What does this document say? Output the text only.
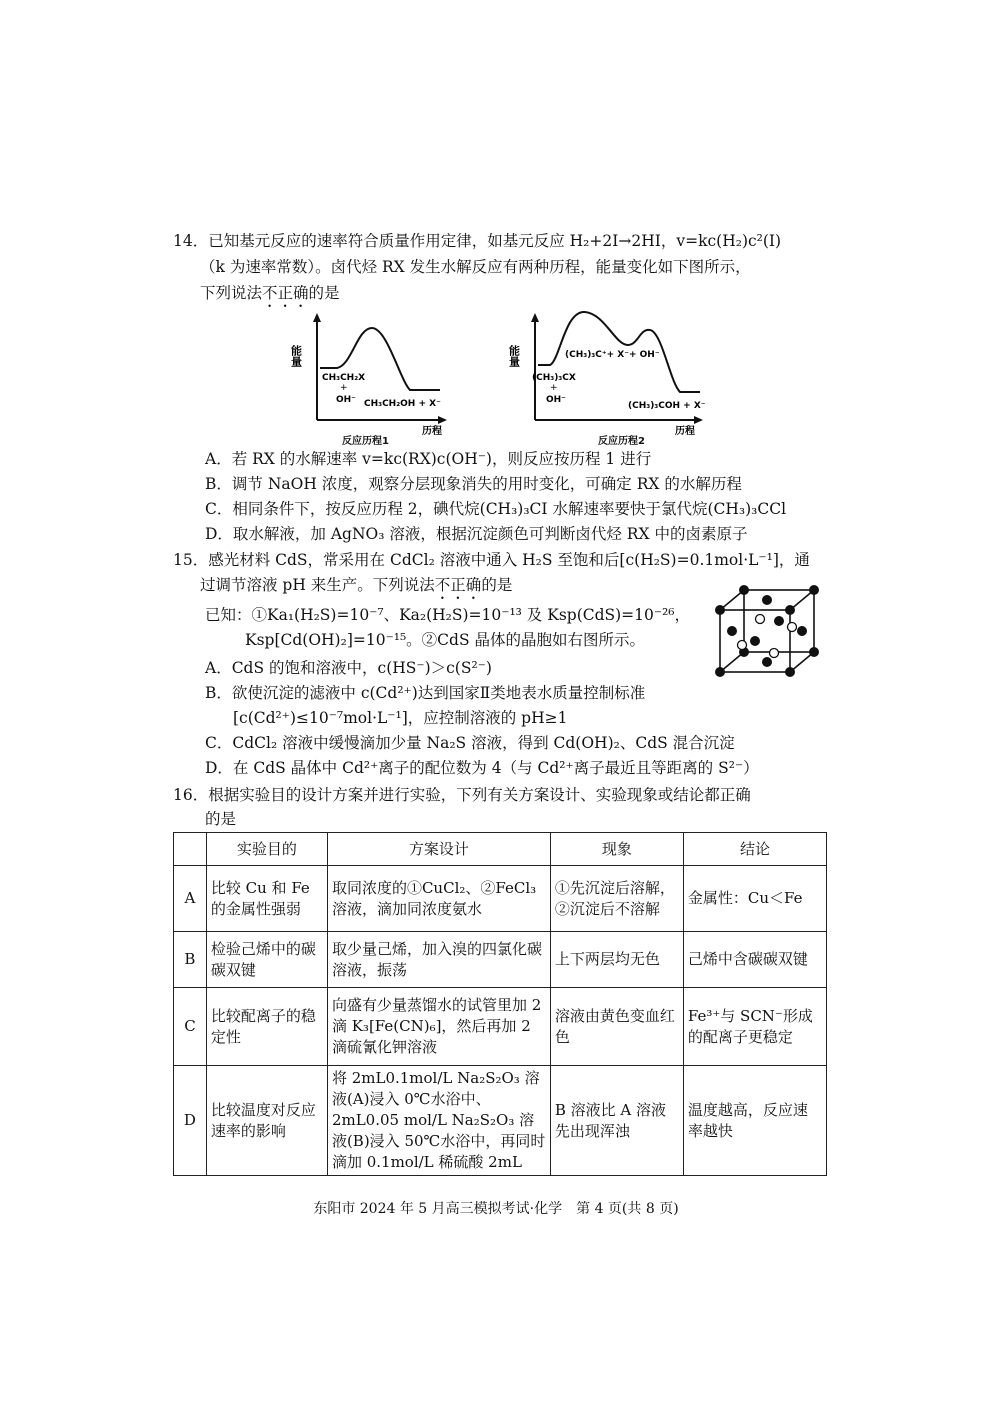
14．已知基元反应的速率符合质量作用定律，如基元反应 H₂+2I→2HI，v=kc(H₂)c²(I)
（k 为速率常数）。卤代烃 RX 发生水解反应有两种历程，能量变化如下图所示，
下列说法不正确的是
能量
CH₃CH₂X
+
OH⁻ CH₃CH₂OH + X⁻
历程
反应历程1
能量	(CH₃)₃C⁺+ X⁻+ OH⁻
(CH₃)₃CX
+
OH⁻
(CH₃)₃COH + X⁻
历程
反应历程2
A．若 RX 的水解速率 v=kc(RX)c(OH⁻)，则反应按历程 1 进行
B．调节 NaOH 浓度，观察分层现象消失的用时变化，可确定 RX 的水解历程
C．相同条件下，按反应历程 2，碘代烷(CH₃)₃CI 水解速率要快于氯代烷(CH₃)₃CCl
D．取水解液，加 AgNO₃ 溶液，根据沉淀颜色可判断卤代烃 RX 中的卤素原子
15．感光材料 CdS，常采用在 CdCl₂ 溶液中通入 H₂S 至饱和后[c(H₂S)=0.1mol·L⁻¹]，通
过调节溶液 pH 来生产。下列说法不正确的是
已知：①Ka₁(H₂S)=10⁻⁷、Ka₂(H₂S)=10⁻¹³ 及 Ksp(CdS)=10⁻²⁶，
Ksp[Cd(OH)₂]=10⁻¹⁵。②CdS 晶体的晶胞如右图所示。
A．CdS 的饱和溶液中，c(HS⁻)＞c(S²⁻)
B．欲使沉淀的滤液中 c(Cd²⁺)达到国家Ⅱ类地表水质量控制标准
[c(Cd²⁺)≤10⁻⁷mol·L⁻¹]，应控制溶液的 pH≥1
C．CdCl₂ 溶液中缓慢滴加少量 Na₂S 溶液，得到 Cd(OH)₂、CdS 混合沉淀
D．在 CdS 晶体中 Cd²⁺离子的配位数为 4（与 Cd²⁺离子最近且等距离的 S²⁻）
16．根据实验目的设计方案并进行实验，下列有关方案设计、实验现象或结论都正确
的是
	实验目的	方案设计	现象	结论
A	比较 Cu 和 Fe 的金属性强弱	取同浓度的①CuCl₂、②FeCl₃ 溶液，滴加同浓度氨水	①先沉淀后溶解，②沉淀后不溶解	金属性：Cu＜Fe
B	检验己烯中的碳碳双键	取少量己烯，加入溴的四氯化碳溶液，振荡	上下两层均无色	己烯中含碳碳双键
C	比较配离子的稳定性	向盛有少量蒸馏水的试管里加 2 滴 K₃[Fe(CN)₆]，然后再加 2 滴硫氰化钾溶液	溶液由黄色变血红色	Fe³⁺与 SCN⁻形成的配离子更稳定
D	比较温度对反应速率的影响	将 2mL0.1mol/L Na₂S₂O₃ 溶液(A)浸入 0℃水浴中、2mL0.05 mol/L Na₂S₂O₃ 溶液(B)浸入 50℃水浴中，再同时滴加 0.1mol/L 稀硫酸 2mL	B 溶液比 A 溶液先出现浑浊	温度越高，反应速率越快
东阳市 2024 年 5 月高三模拟考试·化学　第 4 页(共 8 页)
